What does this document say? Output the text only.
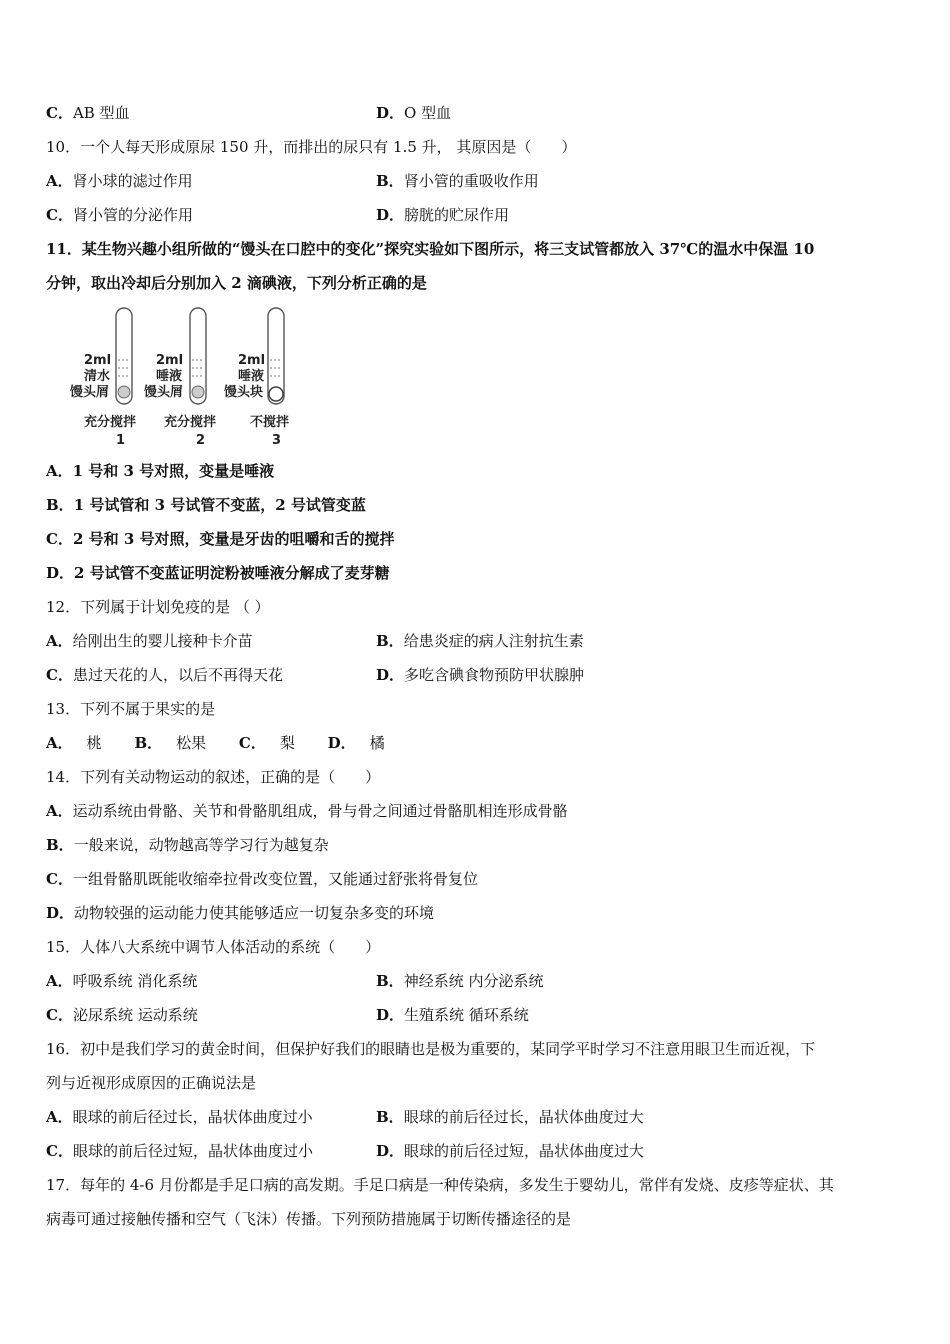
C．AB 型血	D．O 型血
10．一个人每天形成原尿 150 升，而排出的尿只有 1.5 升， 其原因是（　　）
A．肾小球的滤过作用	B．肾小管的重吸收作用
C．肾小管的分泌作用	D．膀胱的贮尿作用
11．某生物兴趣小组所做的“馒头在口腔中的变化”探究实验如下图所示，将三支试管都放入 37℃的温水中保温 10
分钟，取出冷却后分别加入 2 滴碘液，下列分析正确的是
2ml
清水
馒头屑
充分搅拌
1
2ml
唾液
馒头屑
充分搅拌
2
2ml
唾液
馒头块
不搅拌
3
A．1 号和 3 号对照，变量是唾液
B．1 号试管和 3 号试管不变蓝，2 号试管变蓝
C．2 号和 3 号对照，变量是牙齿的咀嚼和舌的搅拌
D．2 号试管不变蓝证明淀粉被唾液分解成了麦芽糖
12．下列属于计划免疫的是 （ ）
A．给刚出生的婴儿接种卡介苗	B．给患炎症的病人注射抗生素
C．患过天花的人，以后不再得天花	D．多吃含碘食物预防甲状腺肿
13．下列不属于果实的是
A． 桃 B． 松果 C． 梨 D． 橘
14．下列有关动物运动的叙述，正确的是（　　）
A．运动系统由骨骼、关节和骨骼肌组成，骨与骨之间通过骨骼肌相连形成骨骼
B．一般来说，动物越高等学习行为越复杂
C．一组骨骼肌既能收缩牵拉骨改变位置，又能通过舒张将骨复位
D．动物较强的运动能力使其能够适应一切复杂多变的环境
15．人体八大系统中调节人体活动的系统（　　）
A．呼吸系统 消化系统	B．神经系统 内分泌系统
C．泌尿系统 运动系统	D．生殖系统 循环系统
16．初中是我们学习的黄金时间，但保护好我们的眼睛也是极为重要的，某同学平时学习不注意用眼卫生而近视，下
列与近视形成原因的正确说法是
A．眼球的前后径过长，晶状体曲度过小	B．眼球的前后径过长，晶状体曲度过大
C．眼球的前后径过短，晶状体曲度过小	D．眼球的前后径过短，晶状体曲度过大
17．每年的 4-6 月份都是手足口病的高发期。手足口病是一种传染病，多发生于婴幼儿，常伴有发烧、皮疹等症状、其
病毒可通过接触传播和空气（飞沫）传播。下列预防措施属于切断传播途径的是
